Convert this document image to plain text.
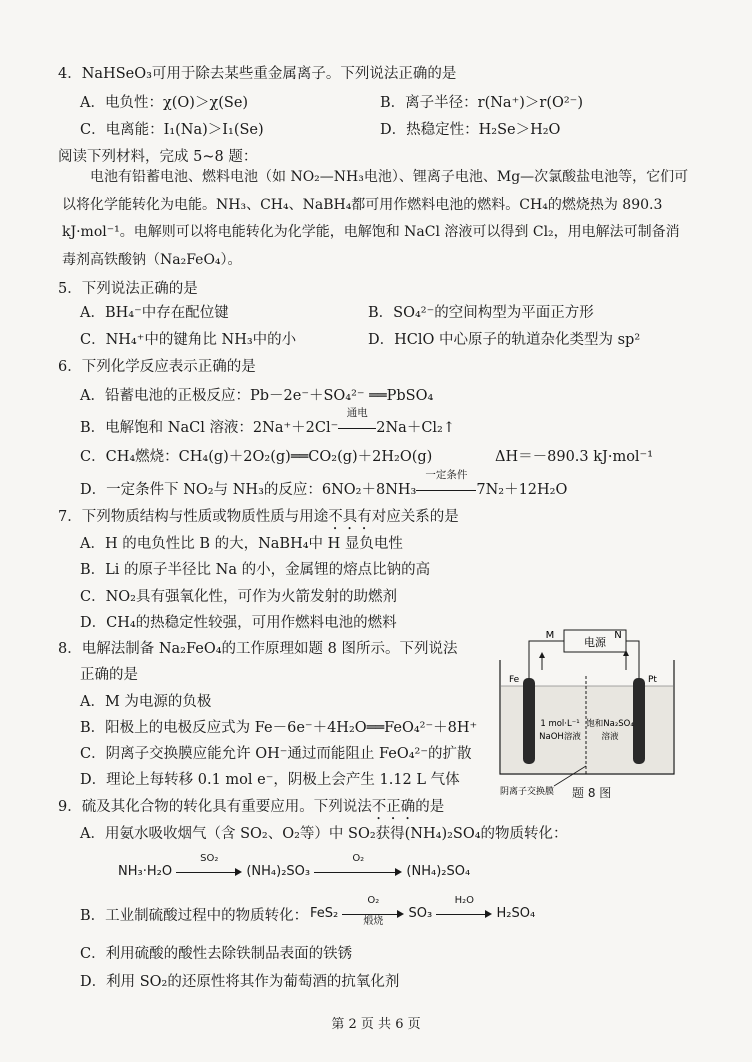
4．NaHSeO₃可用于除去某些重金属离子。下列说法正确的是
A．电负性：χ(O)＞χ(Se)	B．离子半径：r(Na⁺)＞r(O²⁻)
C．电离能：I₁(Na)＞I₁(Se)	D．热稳定性：H₂Se＞H₂O
阅读下列材料，完成 5~8 题：
电池有铅蓄电池、燃料电池（如 NO₂—NH₃电池）、锂离子电池、Mg—次氯酸盐电池等，它们可以将化学能转化为电能。NH₃、CH₄、NaBH₄都可用作燃料电池的燃料。CH₄的燃烧热为 890.3 kJ·mol⁻¹。电解则可以将电能转化为化学能，电解饱和 NaCl 溶液可以得到 Cl₂，用电解法可制备消毒剂高铁酸钠（Na₂FeO₄）。
5．下列说法正确的是
A．BH₄⁻中存在配位键	B．SO₄²⁻的空间构型为平面正方形
C．NH₄⁺中的键角比 NH₃中的小	D．HClO 中心原子的轨道杂化类型为 sp²
6．下列化学反应表示正确的是
A．铅蓄电池的正极反应：Pb－2e⁻＋SO₄²⁻ ══PbSO₄
B．电解饱和 NaCl 溶液：2Na⁺＋2Cl⁻
通电
2Na＋Cl₂↑
C．CH₄燃烧：CH₄(g)＋2O₂(g)══CO₂(g)＋2H₂O(g)	ΔH＝－890.3 kJ·mol⁻¹
D．一定条件下 NO₂与 NH₃的反应：6NO₂＋8NH₃
一定条件
7N₂＋12H₂O
7．下列物质结构与性质或物质性质与用途不具有对应关系的是
A．H 的电负性比 B 的大，NaBH₄中 H 显负电性
B．Li 的原子半径比 Na 的小，金属锂的熔点比钠的高
C．NO₂具有强氧化性，可作为火箭发射的助燃剂
D．CH₄的热稳定性较强，可用作燃料电池的燃料
8．电解法制备 Na₂FeO₄的工作原理如题 8 图所示。下列说法
正确的是
A．M 为电源的负极
B．阳极上的电极反应式为 Fe－6e⁻＋4H₂O══FeO₄²⁻＋8H⁺
C．阴离子交换膜应能允许 OH⁻通过而能阻止 FeO₄²⁻的扩散
D．理论上每转移 0.1 mol e⁻，阴极上会产生 1.12 L 气体
电源
M	N
Fe	Pt
1 mol·L⁻¹
NaOH溶液
饱和Na₂SO₄
溶液
阴离子交换膜 题 8 图
9．硫及其化合物的转化具有重要应用。下列说法不正确的是
A．用氨水吸收烟气（含 SO₂、O₂等）中 SO₂获得(NH₄)₂SO₄的物质转化：
NH₃·H₂O
SO₂
(NH₄)₂SO₃
O₂
(NH₄)₂SO₄
B．工业制硫酸过程中的物质转化： FeS₂
O₂
煅烧	SO₃
H₂O
H₂SO₄
C．利用硫酸的酸性去除铁制品表面的铁锈
D．利用 SO₂的还原性将其作为葡萄酒的抗氧化剂
第 2 页 共 6 页
